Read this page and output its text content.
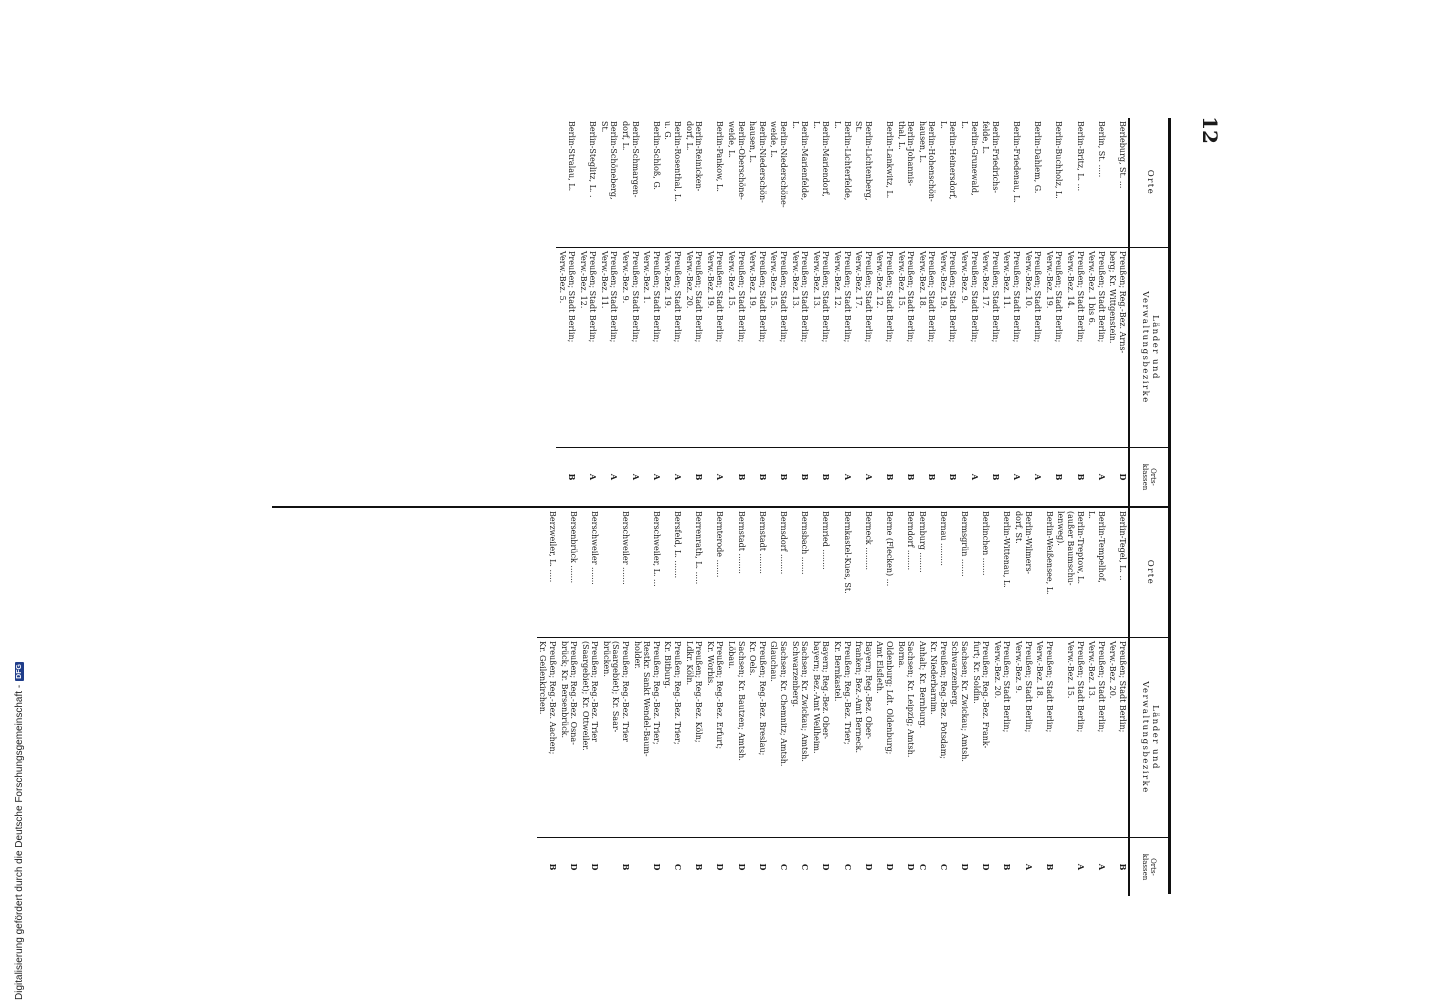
Digitalisierung gefördert durch die Deutsche Forschungsgemeinschaft -
DFG
12
Orte
Länder und
Verwaltungsbezirke
Orts-
klassen
Berleburg, St. ...
Preußen; Reg.-Bez. Arns-
berg; Kr. Wittgenstein.
D
Berlin, St. .....
Preußen; Stadt Berlin;
Verw.-Bez. 1 bis 6.
A
Berlin-Britz, L. ...
Preußen; Stadt Berlin;
Verw.-Bez. 14.
B
Berlin-Buchholz, L.
Preußen; Stadt Berlin;
Verw.-Bez. 19.
B
Berlin-Dahlem, G.
Preußen; Stadt Berlin;
Verw.-Bez. 10.
A
Berlin-Friedenau, L.
Preußen; Stadt Berlin;
Verw.-Bez. 11.
A
Berlin-Friedrichs-
felde, L.
Preußen; Stadt Berlin;
Verw.-Bez. 17.
B
Berlin-Grunewald,
L.
Preußen; Stadt Berlin;
Verw.-Bez. 9.
A
Berlin-Heinersdorf,
L.
Preußen; Stadt Berlin;
Verw.-Bez. 19.
B
Berlin-Hohenschön-
hausen, L.
Preußen; Stadt Berlin;
Verw.-Bez. 18.
B
Berlin-Johannis-
thal, L.
Preußen; Stadt Berlin;
Verw.-Bez. 15.
B
Berlin-Lankwitz, L.
Preußen; Stadt Berlin;
Verw.-Bez. 12.
B
Berlin-Lichtenberg,
St.
Preußen; Stadt Berlin;
Verw.-Bez. 17.
A
Berlin-Lichterfelde,
L.
Preußen; Stadt Berlin;
Verw.-Bez. 12.
A
Berlin-Mariendorf,
L.
Preußen; Stadt Berlin;
Verw.-Bez. 13.
B
Berlin-Marienfelde,
L.
Preußen; Stadt Berlin;
Verw.-Bez. 13.
B
Berlin-Niederschöne-
weide, L.
Preußen; Stadt Berlin;
Verw.-Bez. 15.
B
Berlin-Niederschön-
hausen, L.
Preußen; Stadt Berlin;
Verw.-Bez. 19.
B
Berlin-Oberschöne-
weide, L.
Preußen; Stadt Berlin;
Verw.-Bez. 15.
B
Berlin-Pankow, L.
Preußen; Stadt Berlin;
Verw.-Bez. 19.
A
Berlin-Reinicken-
dorf, L.
Preußen; Stadt Berlin;
Verw.-Bez. 20.
B
Berlin-Rosenthal, L.
u. G.
Preußen; Stadt Berlin;
Verw.-Bez. 19.
A
Berlin-Schloß, G.
Preußen; Stadt Berlin;
Verw.-Bez. 1.
A
Berlin-Schmargen-
dorf, L.
Preußen; Stadt Berlin;
Verw.-Bez. 9.
A
Berlin-Schöneberg,
St.
Preußen; Stadt Berlin;
Verw.-Bez. 11.
A
Berlin-Steglitz, L. .
Preußen; Stadt Berlin;
Verw.-Bez. 12.
A
Berlin-Stralau, L.
Preußen; Stadt Berlin;
Verw.-Bez. 5.
B
Orte
Länder und
Verwaltungsbezirke
Orts-
klassen
Berlin-Tegel, L. ..
Preußen; Stadt Berlin;
Verw.-Bez. 20.
B
Berlin-Tempelhof,
L.
Preußen; Stadt Berlin;
Verw.-Bez. 13.
A
Berlin-Treptow, L.
(außer Baumschu-
lenweg).
Preußen; Stadt Berlin;
Verw.-Bez. 15.
A
Berlin-Weißensee, L.
Preußen; Stadt Berlin;
Verw.-Bez. 18.
B
Berlin-Wilmers-
dorf, St.
Preußen; Stadt Berlin;
Verw.-Bez. 9.
A
Berlin-Wittenau, L.
Preußen; Stadt Berlin;
Verw.-Bez. 20.
B
Berlinchen .......
Preußen; Reg.-Bez. Frank-
furt; Kr. Soldin.
D
Bermsgrün .......
Sachsen; Kr. Zwickau; Amtsh.
Schwarzenberg.
D
Bernau .........
Preußen; Reg.-Bez. Potsdam;
Kr. Niederbarnim.
C
Bernburg ........
Anhalt; Kr. Bernburg.
C
Berndorf ........
Sachsen; Kr. Leipzig; Amtsh.
Borna.
D
Berne (Flecken) ...
Oldenburg; Ldt. Oldenburg;
Amt Elsfleth.
D
Berneck .........
Bayern; Reg.-Bez. Ober-
franken; Bez.-Amt Berneck.
D
Bernkastel-Kues, St.
Preußen; Reg.-Bez. Trier;
Kr. Bernkastel.
C
Bernried ........
Bayern; Reg.-Bez. Ober-
bayern; Bez.-Amt Weilheim.
D
Bernsbach .......
Sachsen; Kr. Zwickau; Amtsh.
Schwarzenberg.
C
Bernsdorf ........
Sachsen; Kr. Chemnitz; Amtsh.
Glauchau.
C
Bernstadt ........
Preußen; Reg.-Bez. Breslau;
Kr. Oels.
D
Bernstadt ........
Sachsen; Kr. Bautzen; Amtsh.
Löbau.
D
Bernterode .......
Preußen; Reg.-Bez. Erfurt;
Kr. Worbis.
D
Berrenrath, L. .....
Preußen; Reg.-Bez. Köln;
Ldkr. Köln.
B
Bersfeld, L. .......
Preußen; Reg.-Bez. Trier;
Kr. Bitburg.
C
Berschweiler, L. ...
Preußen; Reg.-Bez. Trier;
Restkr. Sankt Wendel-Baum-
holder.
D
Berschweiler .......
Preußen; Reg.-Bez. Trier
(Saargebiet); Kr. Saar-
brücken.
B
Berschweiler .......
Preußen; Reg.-Bez. Trier
(Saargebiet); Kr. Ottweiler.
D
Bersenbrück .......
Preußen; Reg.-Bez. Osna-
brück; Kr. Bersenbrück.
D
Berzweiler, L. .....
Preußen; Reg.-Bez. Aachen;
Kr. Geilenkirchen.
B
